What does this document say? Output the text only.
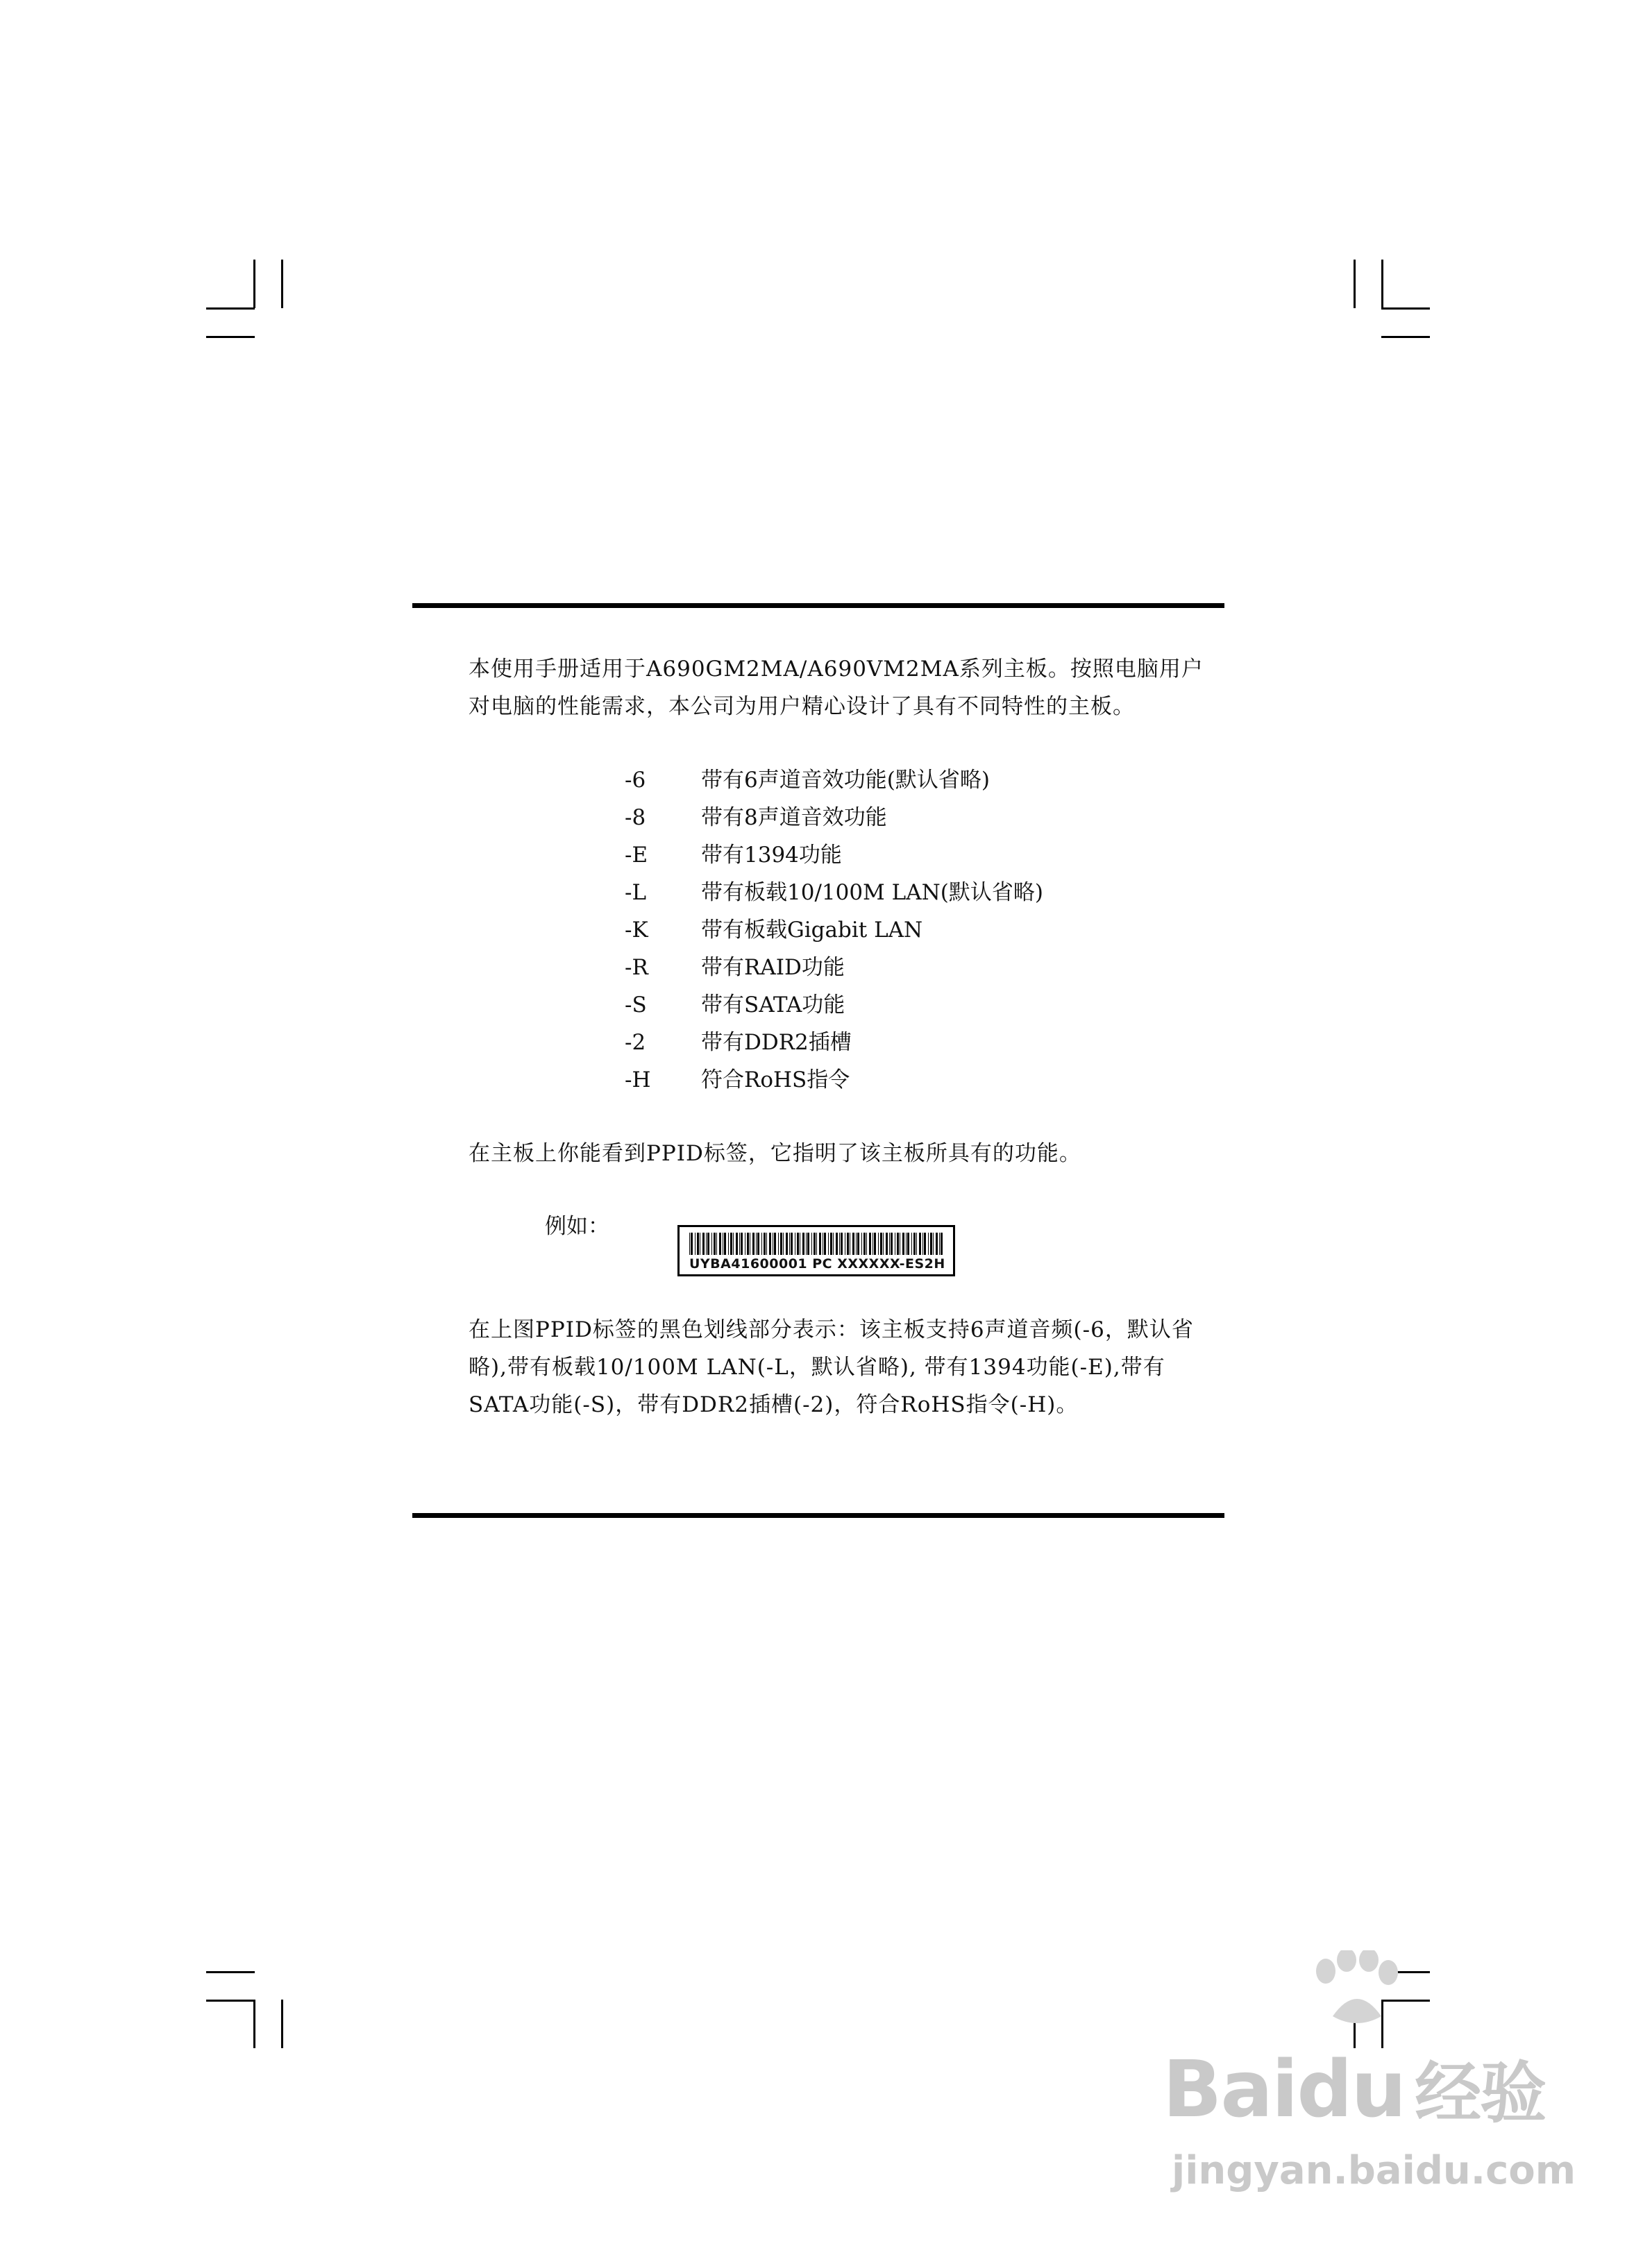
本使用手册适用于A690GM2MA/A690VM2MA系列主板。按照电脑用户对电脑的性能需求，本公司为用户精心设计了具有不同特性的主板。

-6	带有6声道音效功能(默认省略)
-8	带有8声道音效功能
-E 带有1394功能
-L	带有板载10/100M LAN(默认省略)
-K 带有板载Gigabit LAN
-R 带有RAID功能
-S	带有SATA功能
-2	带有DDR2插槽
-H 符合RoHS指令

在主板上你能看到PPID标签，它指明了该主板所具有的功能。

例如：
UYBA41600001 PC XXXXXX-ES2H

在上图PPID标签的黑色划线部分表示：该主板支持6声道音频(-6，默认省略),带有板载10/100M LAN(-L，默认省略), 带有1394功能(-E),带有SATA功能(-S)，带有DDR2插槽(-2)，符合RoHS指令(-H)。

Baidu 经验
jingyan.baidu.com
